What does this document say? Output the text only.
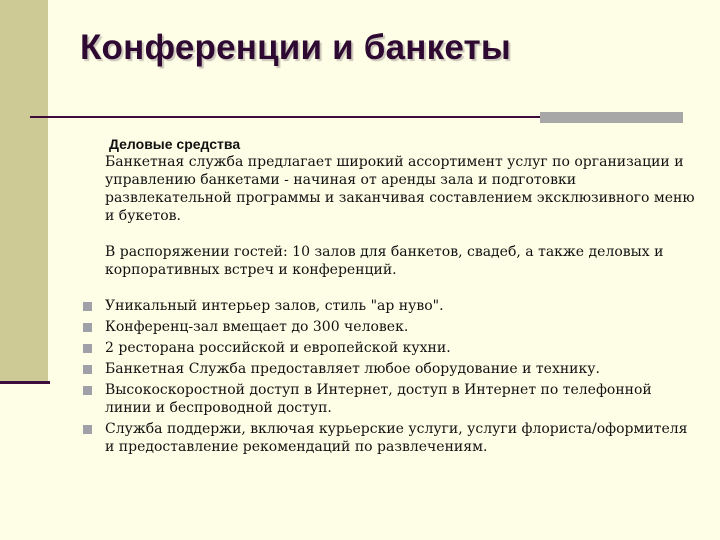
Конференции и банкеты
Деловые средства

Банкетная служба предлагает широкий ассортимент услуг по организации и управлению банкетами - начиная от аренды зала и подготовки развлекательной программы и заканчивая составлением эксклюзивного меню и букетов.

В распоряжении гостей: 10 залов для банкетов, свадеб, а также деловых и корпоративных встреч и конференций.

Уникальный интерьер залов, стиль "ар нуво".
Конференц-зал вмещает до 300 человек.
2 ресторана российской и европейской кухни.
Банкетная Служба предоставляет любое оборудование и технику.
Высокоскоростной доступ в Интернет, доступ в Интернет по телефонной линии и беспроводной доступ.
Служба поддержи, включая курьерские услуги, услуги флориста/оформителя и предоставление рекомендаций по развлечениям.
